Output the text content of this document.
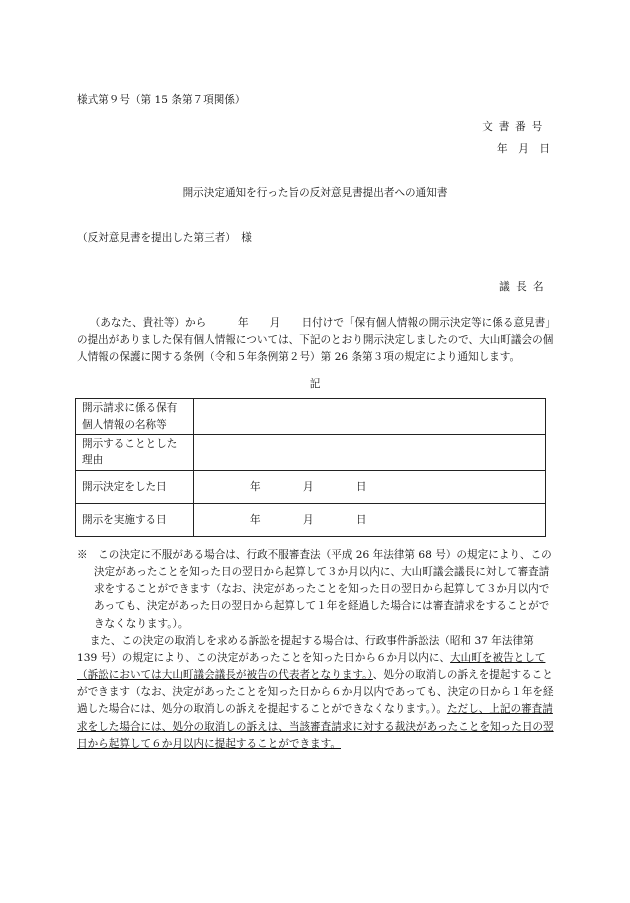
様式第９号（第 15 条第７項関係）
文書番号
年　月　日
開示決定通知を行った旨の反対意見書提出者への通知書
（反対意見書を提出した第三者）　様
議長名
（あなた、貴社等）から　　　年　　月　　日付けで「保有個人情報の開示決定等に係る意見書」の提出がありました保有個人情報については、下記のとおり開示決定しましたので、大山町議会の個人情報の保護に関する条例（令和５年条例第２号）第 26 条第３項の規定により通知します。
記
開示請求に係る保有個人情報の名称等	
開示することとした理由	
開示決定をした日	年　　　　月　　　　日
開示を実施する日	年　　　　月　　　　日

※　この決定に不服がある場合は、行政不服審査法（平成 26 年法律第 68 号）の規定により、この決定があったことを知った日の翌日から起算して３か月以内に、大山町議会議長に対して審査請求をすることができます（なお、決定があったことを知った日の翌日から起算して３か月以内であっても、決定があった日の翌日から起算して１年を経過した場合には審査請求をすることができなくなります。）。

また、この決定の取消しを求める訴訟を提起する場合は、行政事件訴訟法（昭和 37 年法律第 139 号）の規定により、この決定があったことを知った日から６か月以内に、大山町を被告として（訴訟においては大山町議会議長が被告の代表者となります。）、処分の取消しの訴えを提起することができます（なお、決定があったことを知った日から６か月以内であっても、決定の日から１年を経過した場合には、処分の取消しの訴えを提起することができなくなります。）。ただし、上記の審査請求をした場合には、処分の取消しの訴えは、当該審査請求に対する裁決があったことを知った日の翌日から起算して６か月以内に提起することができます。
